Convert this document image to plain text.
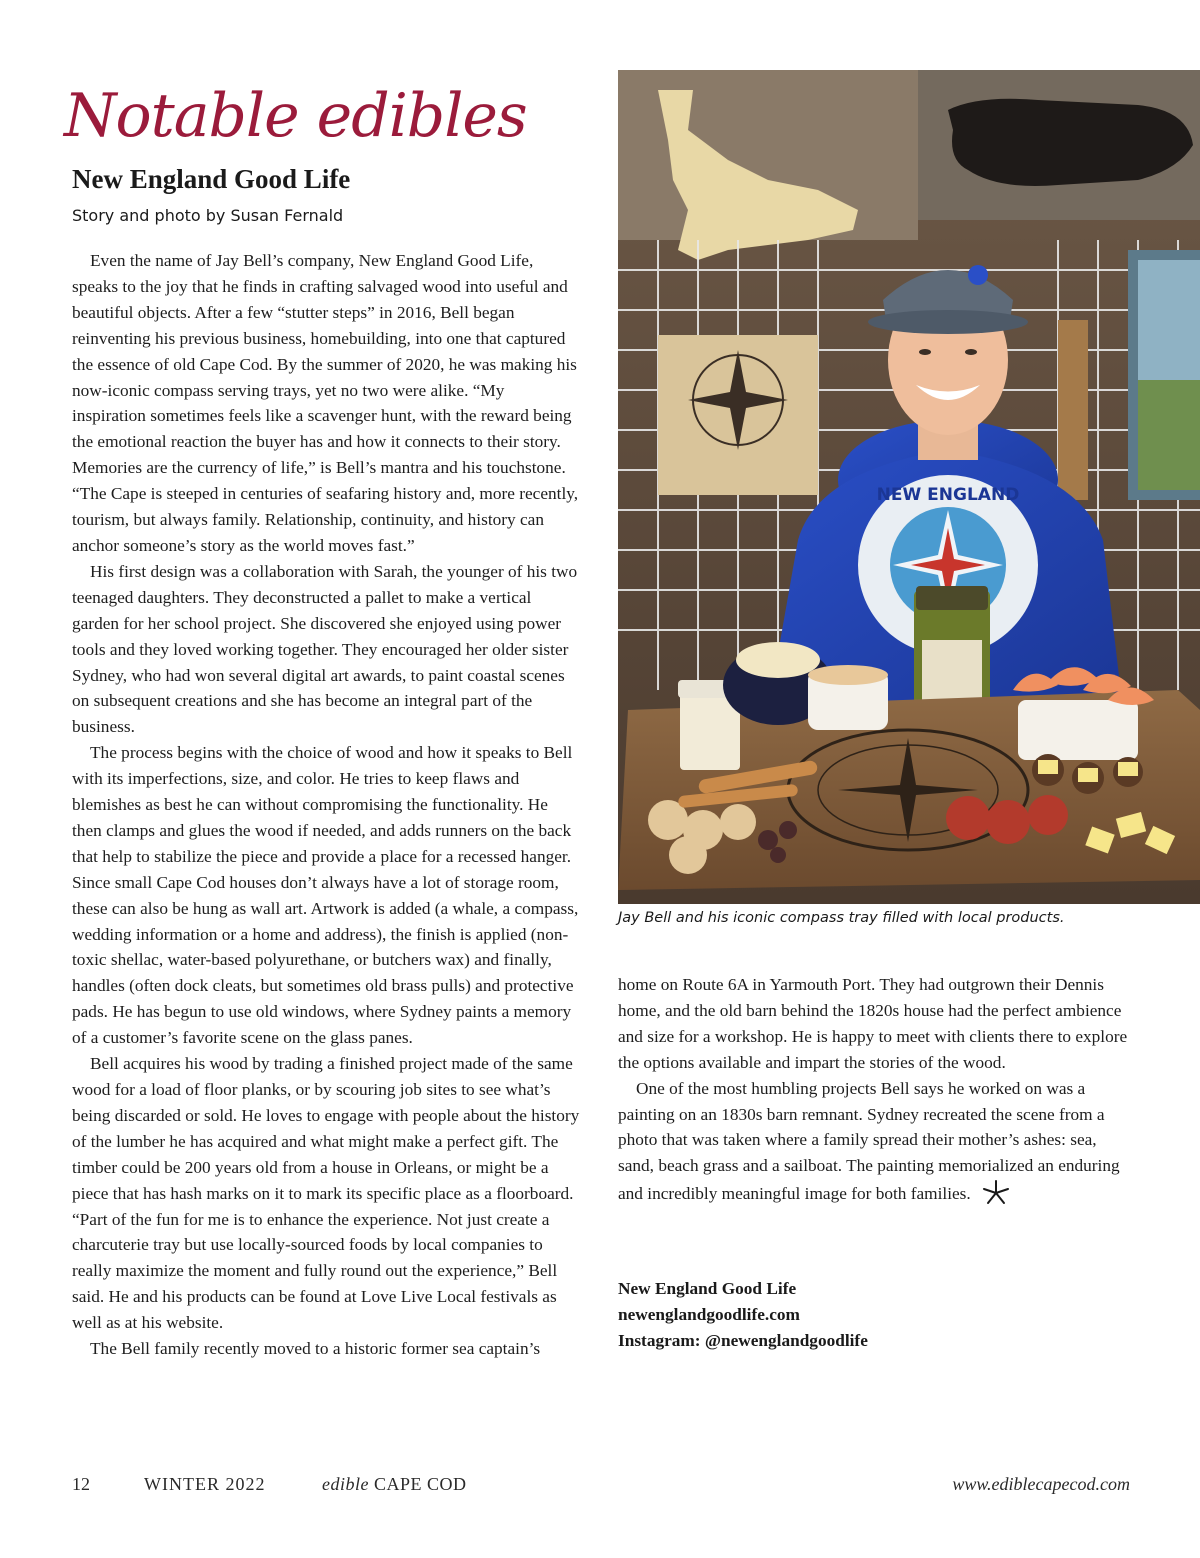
Notable edibles
New England Good Life
Story and photo by Susan Fernald

Even the name of Jay Bell’s company, New England Good Life, speaks to the joy that he finds in crafting salvaged wood into useful and beautiful objects. After a few “stutter steps” in 2016, Bell began reinventing his previous business, homebuilding, into one that captured the essence of old Cape Cod. By the summer of 2020, he was making his now-iconic compass serving trays, yet no two were alike. “My inspiration sometimes feels like a scavenger hunt, with the reward being the emotional reaction the buyer has and how it connects to their story. Memories are the currency of life,” is Bell’s mantra and his touchstone. “The Cape is steeped in centuries of seafaring history and, more recently, tourism, but always family. Relationship, continuity, and history can anchor someone’s story as the world moves fast.”

His first design was a collaboration with Sarah, the younger of his two teenaged daughters. They deconstructed a pallet to make a vertical garden for her school project. She discovered she enjoyed using power tools and they loved working together. They encouraged her older sister Sydney, who had won several digital art awards, to paint coastal scenes on subsequent creations and she has become an integral part of the business.

The process begins with the choice of wood and how it speaks to Bell with its imperfections, size, and color. He tries to keep flaws and blemishes as best he can without compromising the functionality. He then clamps and glues the wood if needed, and adds runners on the back that help to stabilize the piece and provide a place for a recessed hanger. Since small Cape Cod houses don’t always have a lot of storage room, these can also be hung as wall art. Artwork is added (a whale, a compass, wedding information or a home and address), the finish is applied (non-toxic shellac, water-based polyurethane, or butchers wax) and finally, handles (often dock cleats, but sometimes old brass pulls) and protective pads. He has begun to use old windows, where Sydney paints a memory of a customer’s favorite scene on the glass panes.

Bell acquires his wood by trading a finished project made of the same wood for a load of floor planks, or by scouring job sites to see what’s being discarded or sold. He loves to engage with people about the history of the lumber he has acquired and what might make a perfect gift. The timber could be 200 years old from a house in Orleans, or might be a piece that has hash marks on it to mark its specific place as a floorboard. “Part of the fun for me is to enhance the experience. Not just create a charcuterie tray but use locally-sourced foods by local companies to really maximize the moment and fully round out the experience,” Bell said. He and his products can be found at Love Live Local festivals as well as at his website.

The Bell family recently moved to a historic former sea captain’s

NEW ENGLAND
Jay Bell and his iconic compass tray filled with local products.

home on Route 6A in Yarmouth Port. They had outgrown their Dennis home, and the old barn behind the 1820s house had the perfect ambience and size for a workshop. He is happy to meet with clients there to explore the options available and impart the stories of the wood.

One of the most humbling projects Bell says he worked on was a painting on an 1830s barn remnant. Sydney recreated the scene from a photo that was taken where a family spread their mother’s ashes: sea, sand, beach grass and a sailboat. The painting memorialized an enduring and incredibly meaningful image for both families.

New England Good Life
newenglandgoodlife.com
Instagram: @newenglandgoodlife
12	WINTER 2022	edible CAPE COD	www.ediblecapecod.com
